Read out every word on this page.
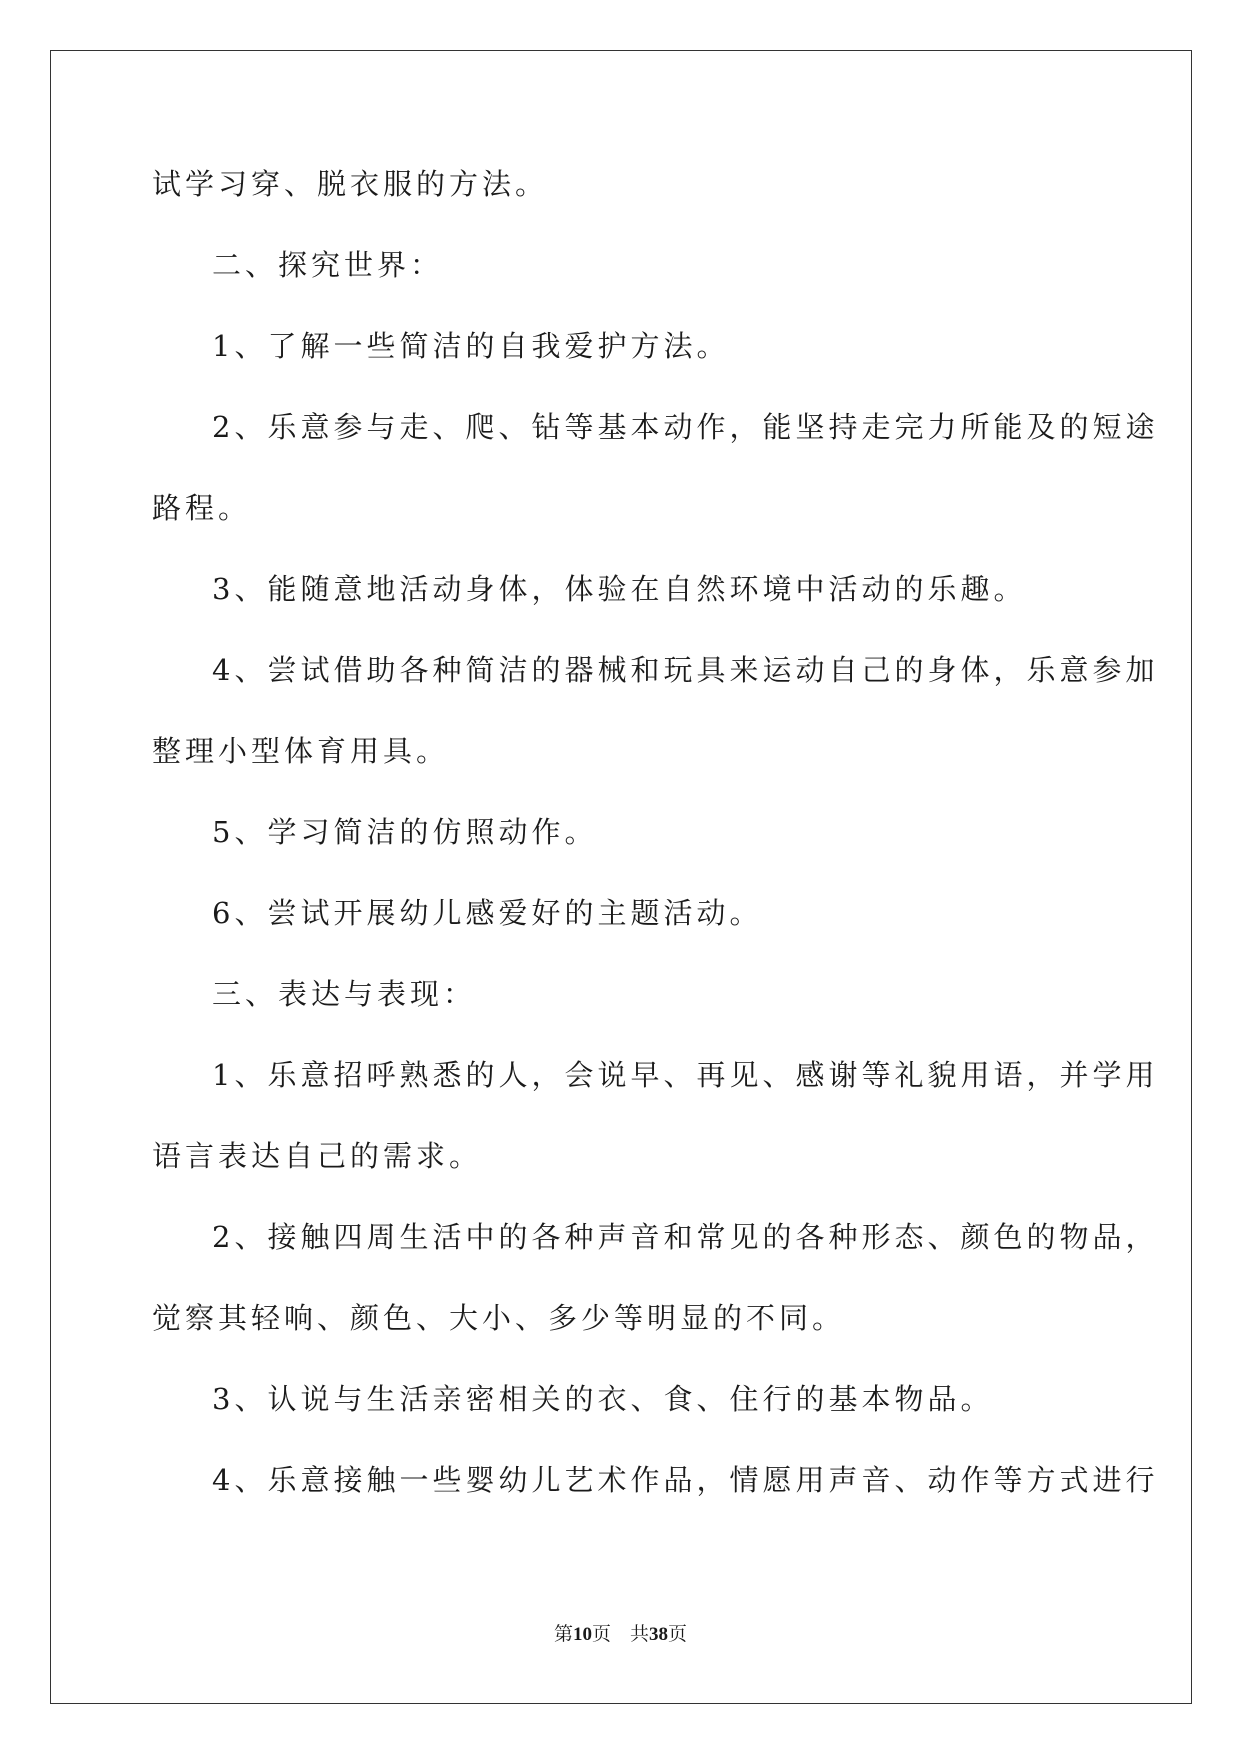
试学习穿、脱衣服的方法。
二、探究世界：
1、了解一些简洁的自我爱护方法。
2、乐意参与走、爬、钻等基本动作，能坚持走完力所能及的短途
路程。
3、能随意地活动身体，体验在自然环境中活动的乐趣。
4、尝试借助各种简洁的器械和玩具来运动自己的身体，乐意参加
整理小型体育用具。
5、学习简洁的仿照动作。
6、尝试开展幼儿感爱好的主题活动。
三、表达与表现：
1、乐意招呼熟悉的人，会说早、再见、感谢等礼貌用语，并学用
语言表达自己的需求。
2、接触四周生活中的各种声音和常见的各种形态、颜色的物品，
觉察其轻响、颜色、大小、多少等明显的不同。
3、认说与生活亲密相关的衣、食、住行的基本物品。
4、乐意接触一些婴幼儿艺术作品，情愿用声音、动作等方式进行
第10页　共38页
